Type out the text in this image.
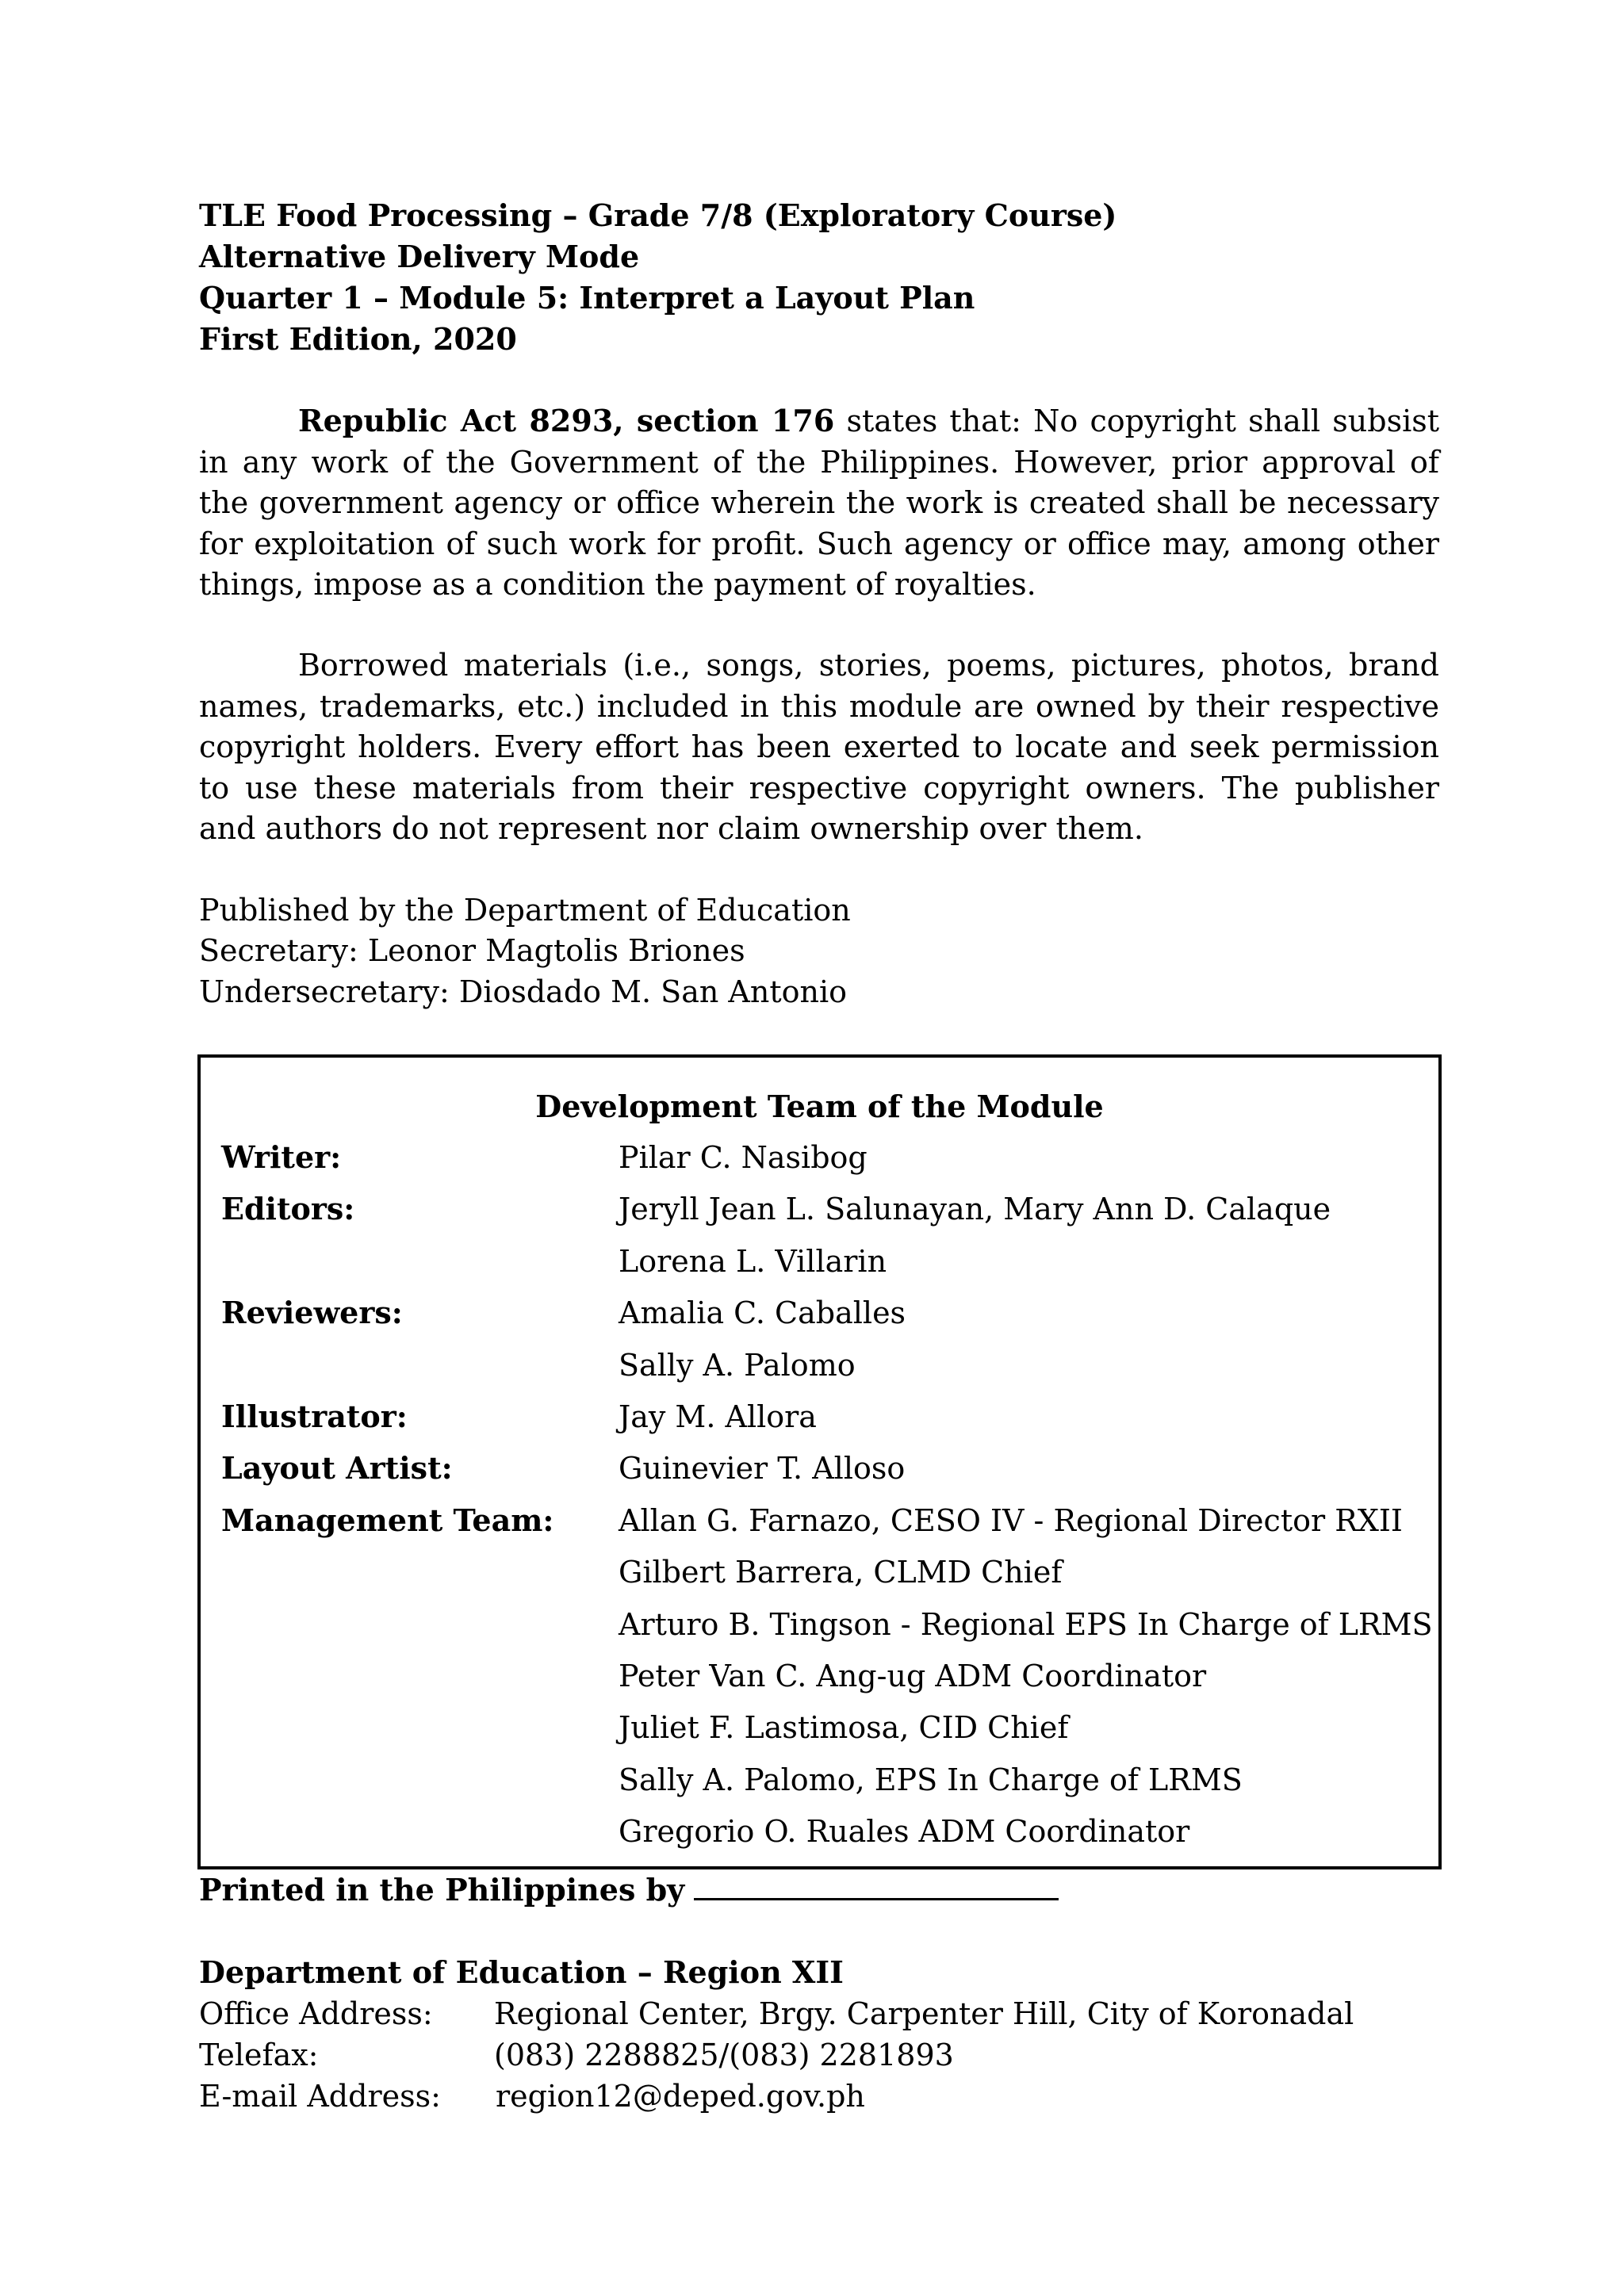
TLE Food Processing – Grade 7/8 (Exploratory Course)
Alternative Delivery Mode
Quarter 1 – Module 5: Interpret a Layout Plan
First Edition, 2020

Republic Act 8293, section 176 states that: No copyright shall subsist in any work of the Government of the Philippines. However, prior approval of the government agency or office wherein the work is created shall be necessary for exploitation of such work for profit. Such agency or office may, among other things, impose as a condition the payment of royalties.

Borrowed materials (i.e., songs, stories, poems, pictures, photos, brand names, trademarks, etc.) included in this module are owned by their respective copyright holders. Every effort has been exerted to locate and seek permission to use these materials from their respective copyright owners. The publisher and authors do not represent nor claim ownership over them.

Published by the Department of Education
Secretary: Leonor Magtolis Briones
Undersecretary: Diosdado M. San Antonio
Development Team of the Module
Writer:	Pilar C. Nasibog
Editors:	Jeryll Jean L. Salunayan, Mary Ann D. Calaque
Lorena L. Villarin
Reviewers:	Amalia C. Caballes
Sally A. Palomo
Illustrator:	Jay M. Allora
Layout Artist:	Guinevier T. Alloso
Management Team: Allan G. Farnazo, CESO IV - Regional Director RXII
Gilbert Barrera, CLMD Chief
Arturo B. Tingson - Regional EPS In Charge of LRMS
Peter Van C. Ang-ug ADM Coordinator
Juliet F. Lastimosa, CID Chief
Sally A. Palomo, EPS In Charge of LRMS
Gregorio O. Ruales ADM Coordinator
Printed in the Philippines by
Department of Education – Region XII
Office Address: Regional Center, Brgy. Carpenter Hill, City of Koronadal
Telefax:	(083) 2288825/(083) 2281893
E-mail Address: region12@deped.gov.ph
